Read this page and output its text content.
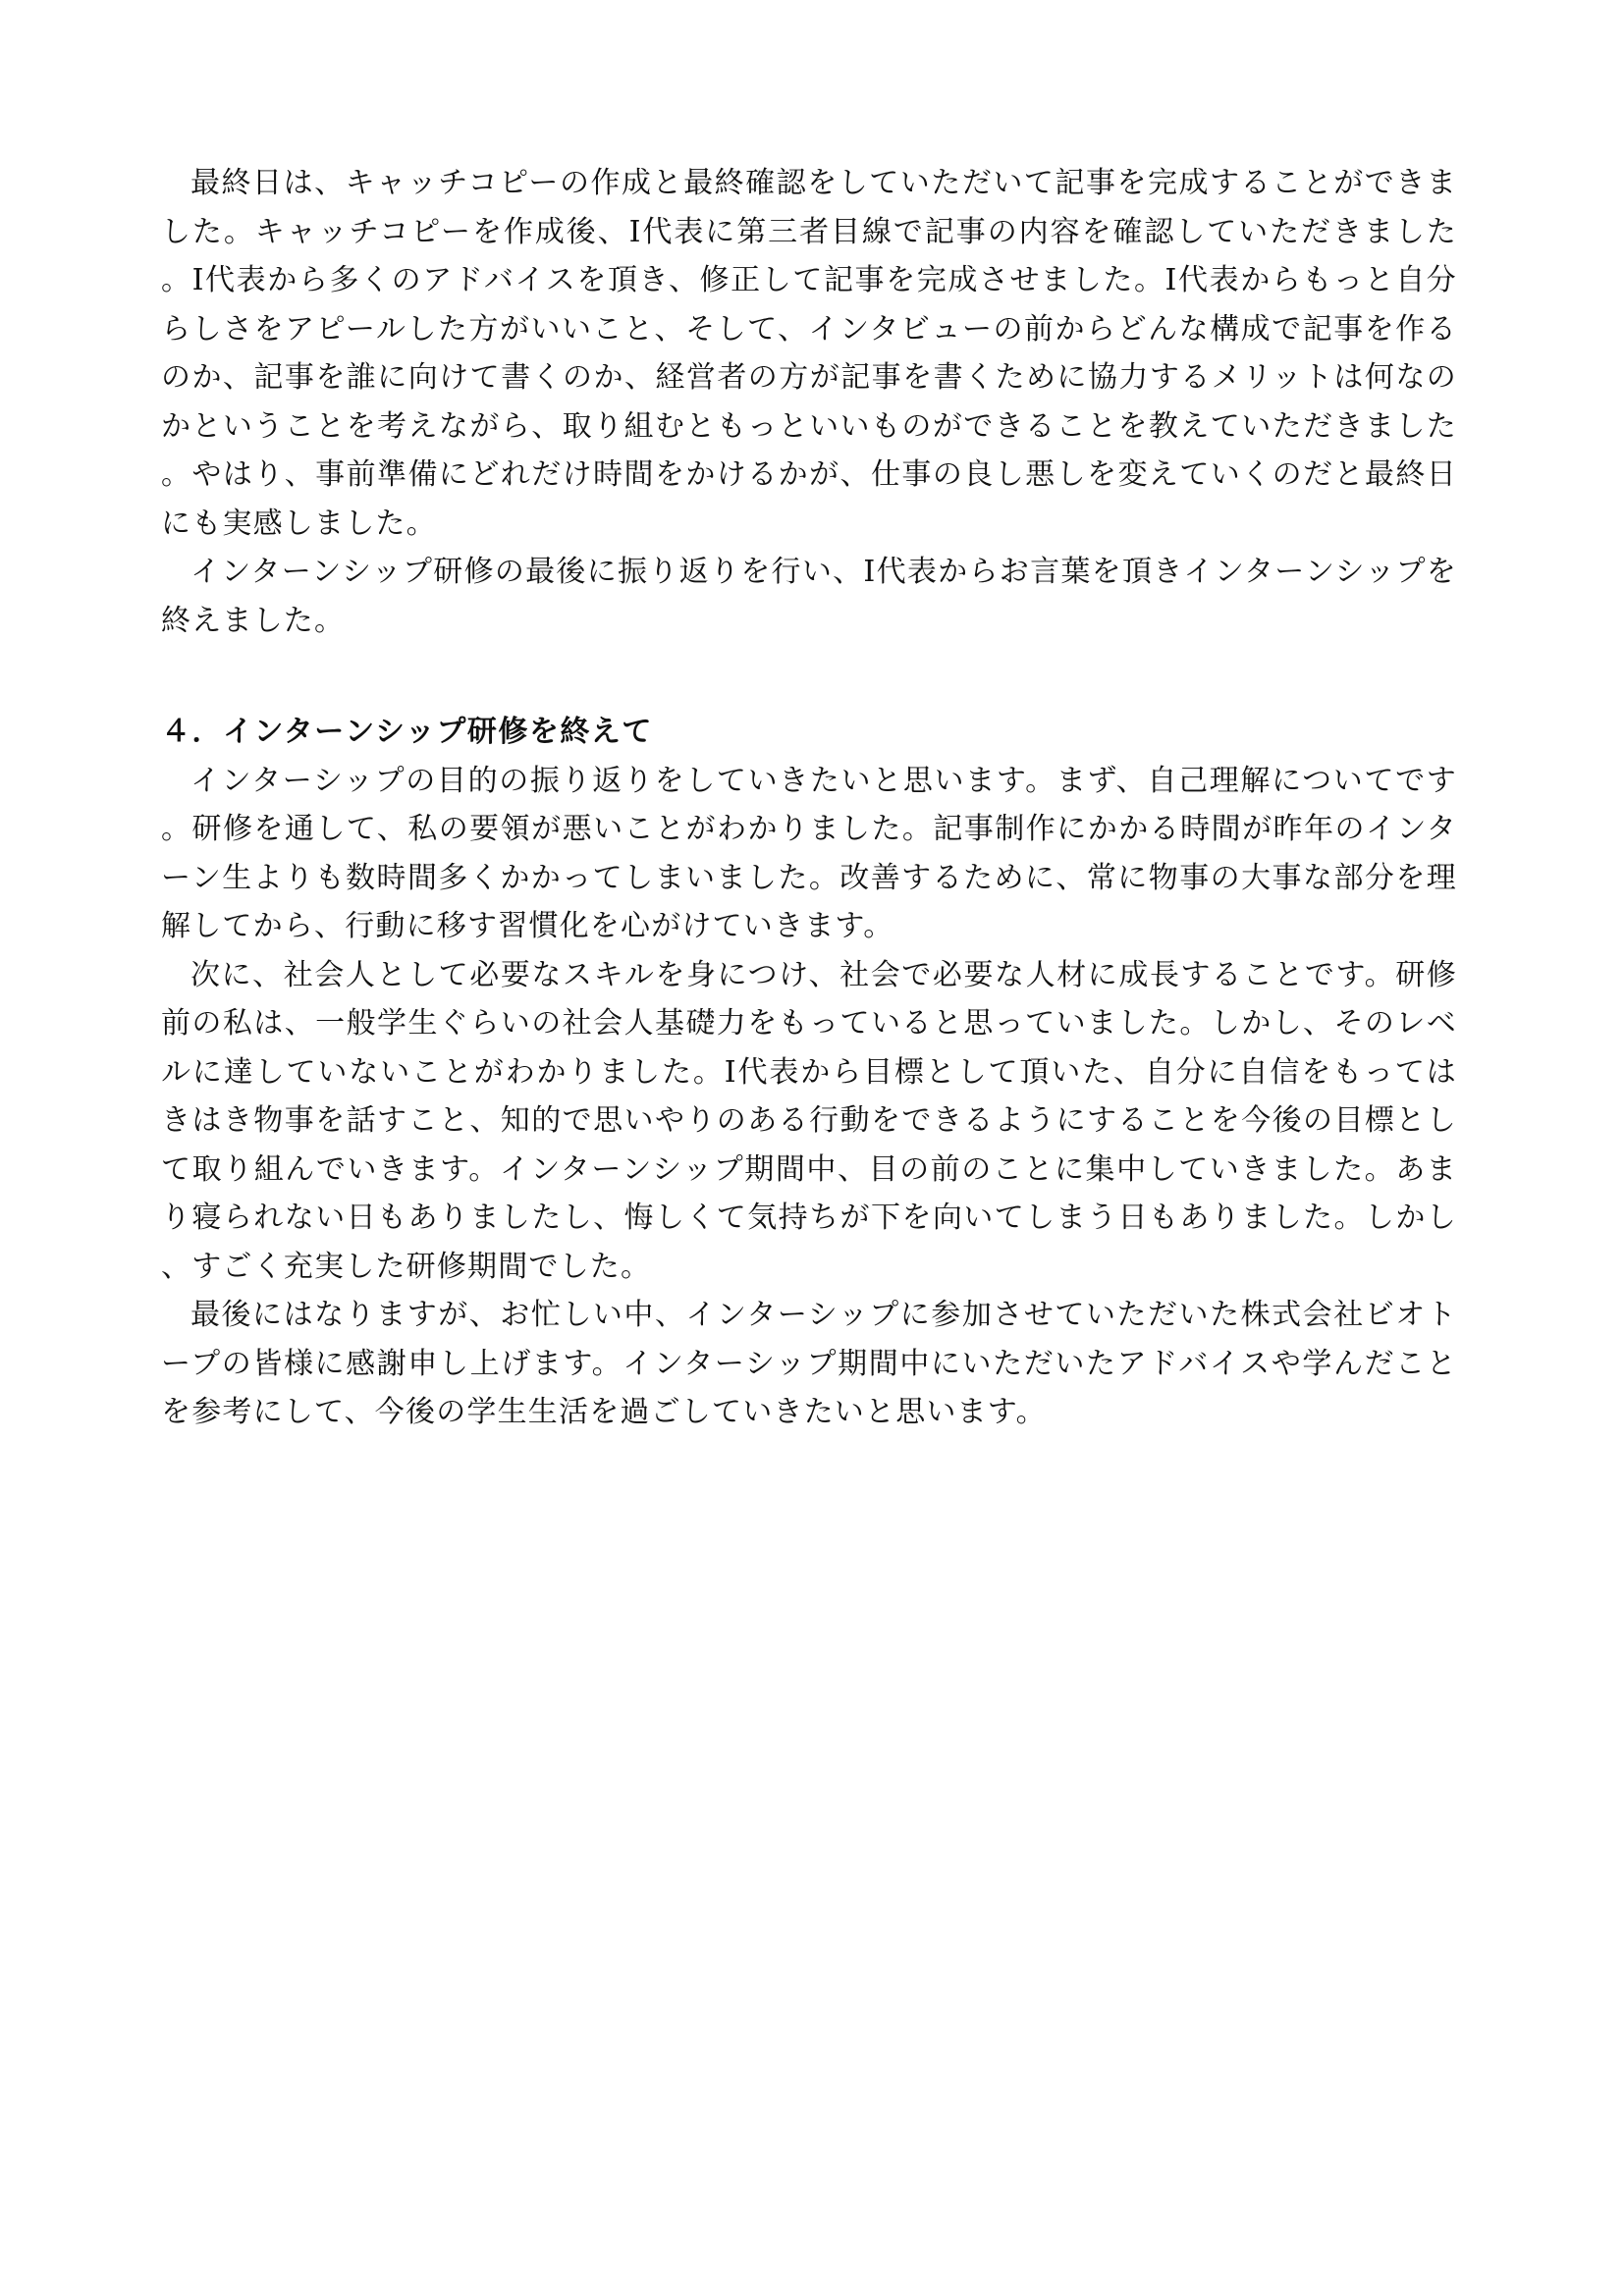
最終日は、キャッチコピーの作成と最終確認をしていただいて記事を完成することができました。キャッチコピーを作成後、I代表に第三者目線で記事の内容を確認していただきました。I代表から多くのアドバイスを頂き、修正して記事を完成させました。I代表からもっと自分らしさをアピールした方がいいこと、そして、インタビューの前からどんな構成で記事を作るのか、記事を誰に向けて書くのか、経営者の方が記事を書くために協力するメリットは何なのかということを考えながら、取り組むともっといいものができることを教えていただきました。やはり、事前準備にどれだけ時間をかけるかが、仕事の良し悪しを変えていくのだと最終日にも実感しました。

インターンシップ研修の最後に振り返りを行い、I代表からお言葉を頂きインターンシップを終えました。

４．インターンシップ研修を終えて

インターシップの目的の振り返りをしていきたいと思います。まず、自己理解についてです。研修を通して、私の要領が悪いことがわかりました。記事制作にかかる時間が昨年のインターン生よりも数時間多くかかってしまいました。改善するために、常に物事の大事な部分を理解してから、行動に移す習慣化を心がけていきます。

次に、社会人として必要なスキルを身につけ、社会で必要な人材に成長することです。研修前の私は、一般学生ぐらいの社会人基礎力をもっていると思っていました。しかし、そのレベルに達していないことがわかりました。I代表から目標として頂いた、自分に自信をもってはきはき物事を話すこと、知的で思いやりのある行動をできるようにすることを今後の目標として取り組んでいきます。インターンシップ期間中、目の前のことに集中していきました。あまり寝られない日もありましたし、悔しくて気持ちが下を向いてしまう日もありました。しかし、すごく充実した研修期間でした。

最後にはなりますが、お忙しい中、インターシップに参加させていただいた株式会社ビオトープの皆様に感謝申し上げます。インターシップ期間中にいただいたアドバイスや学んだことを参考にして、今後の学生生活を過ごしていきたいと思います。
